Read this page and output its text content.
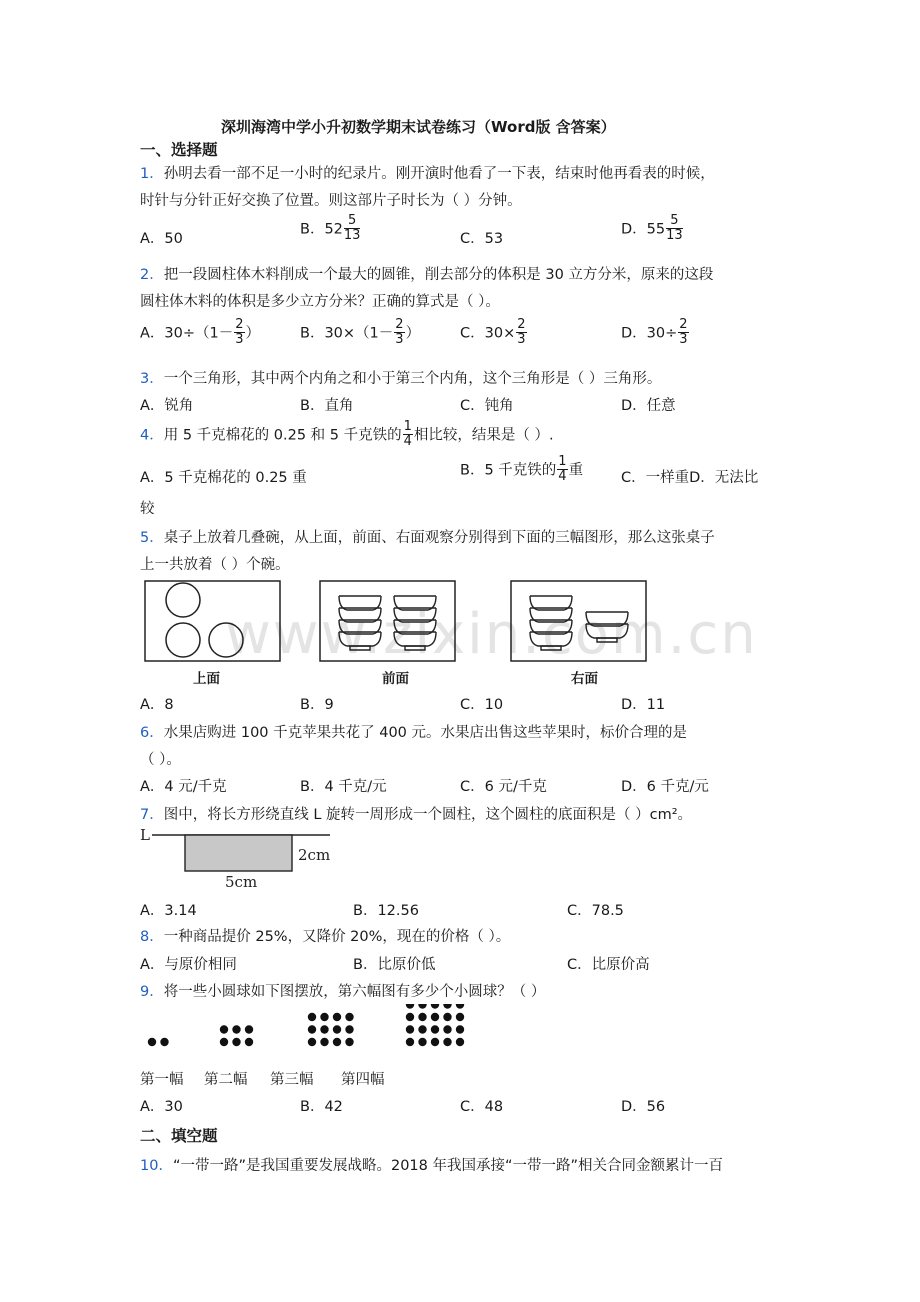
www.zixin.com.cn
深圳海湾中学小升初数学期末试卷练习（Word版 含答案）
一、选择题
1．孙明去看一部不足一小时的纪录片。刚开演时他看了一下表，结束时他再看表的时候，
时针与分针正好交换了位置。则这部片子时长为（ ）分钟。
A．50
B．$52 \frac{5}{13}$	C．53
D．$55 \frac{5}{13}$
2．把一段圆柱体木料削成一个最大的圆锥，削去部分的体积是 30 立方分米，原来的这段
圆柱体木料的体积是多少立方分米？正确的算式是（ ）。
A．$30\div(1- \frac{2}{3}$ ）	B．$30\times(1- \frac{2}{3}$ ）	C．$30\times \frac{2}{3}$	D．$30\div \frac{2}{3}$
3．一个三角形，其中两个内角之和小于第三个内角，这个三角形是（ ）三角形。
A．锐角	B．直角	C．钝角	D．任意
4．用 5 千克棉花的 0.25 和 5 千克铁的 $\frac{1}{4}$ 相比较，结果是（ ）.
A．5 千克棉花的 0.25 重	B．5 千克铁的 $\frac{1}{4}$ 重	C．一样重D．无法比
较
5．桌子上放着几叠碗，从上面，前面、右面观察分别得到下面的三幅图形，那么这张桌子
上一共放着（ ）个碗。
上面	前面	右面
A．8	B．9	C．10	D．11
6．水果店购进 100 千克苹果共花了 400 元。水果店出售这些苹果时，标价合理的是
（ ）。
A．4 元/千克	B．4 千克/元	C．6 元/千克	D．6 千克/元
7．图中，将长方形绕直线 L 旋转一周形成一个圆柱，这个圆柱的底面积是（ ）cm²。
L
2cm
5cm
A．3.14	B．12.56	C．78.5
8．一种商品提价 25%，又降价 20%，现在的价格（ ）。
A．与原价相同	B．比原价低	C．比原价高
9．将一些小圆球如下图摆放，第六幅图有多少个小圆球？（ ）
第一幅 第二幅 第三幅 第四幅
A．30	B．42	C．48	D．56
二、填空题
10．“一带一路”是我国重要发展战略。2018 年我国承接“一带一路”相关合同金额累计一百
